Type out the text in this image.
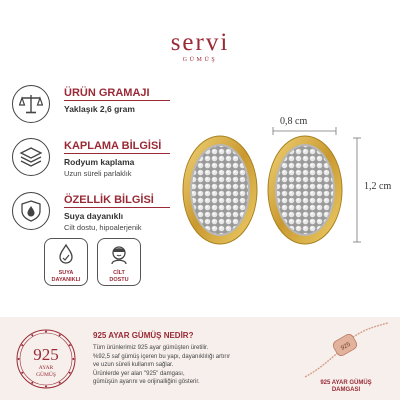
servi
GÜMÜŞ
ÜRÜN GRAMAJI
Yaklaşık 2,6 gram
KAPLAMA BİLGİSİ
Rodyum kaplama
Uzun süreli parlaklık
ÖZELLİK BİLGİSİ
Suya dayanıklı
Cilt dostu, hipoalerjenik
SUYA
DAYANIKLI
CİLT
DOSTU
0,8 cm
1,2 cm
925
AYAR
GÜMÜŞ
925 AYAR GÜMÜŞ NEDİR?
Tüm ürünlerimiz 925 ayar gümüşten üretilir.
%92,5 saf gümüş içeren bu yapı, dayanıklılığı artırır
ve uzun süreli kullanım sağlar.
Ürünlerde yer alan "925" damgası,
gümüşün ayarını ve orijinalliğini gösterir.
925
925 AYAR GÜMÜŞ
DAMGASI
